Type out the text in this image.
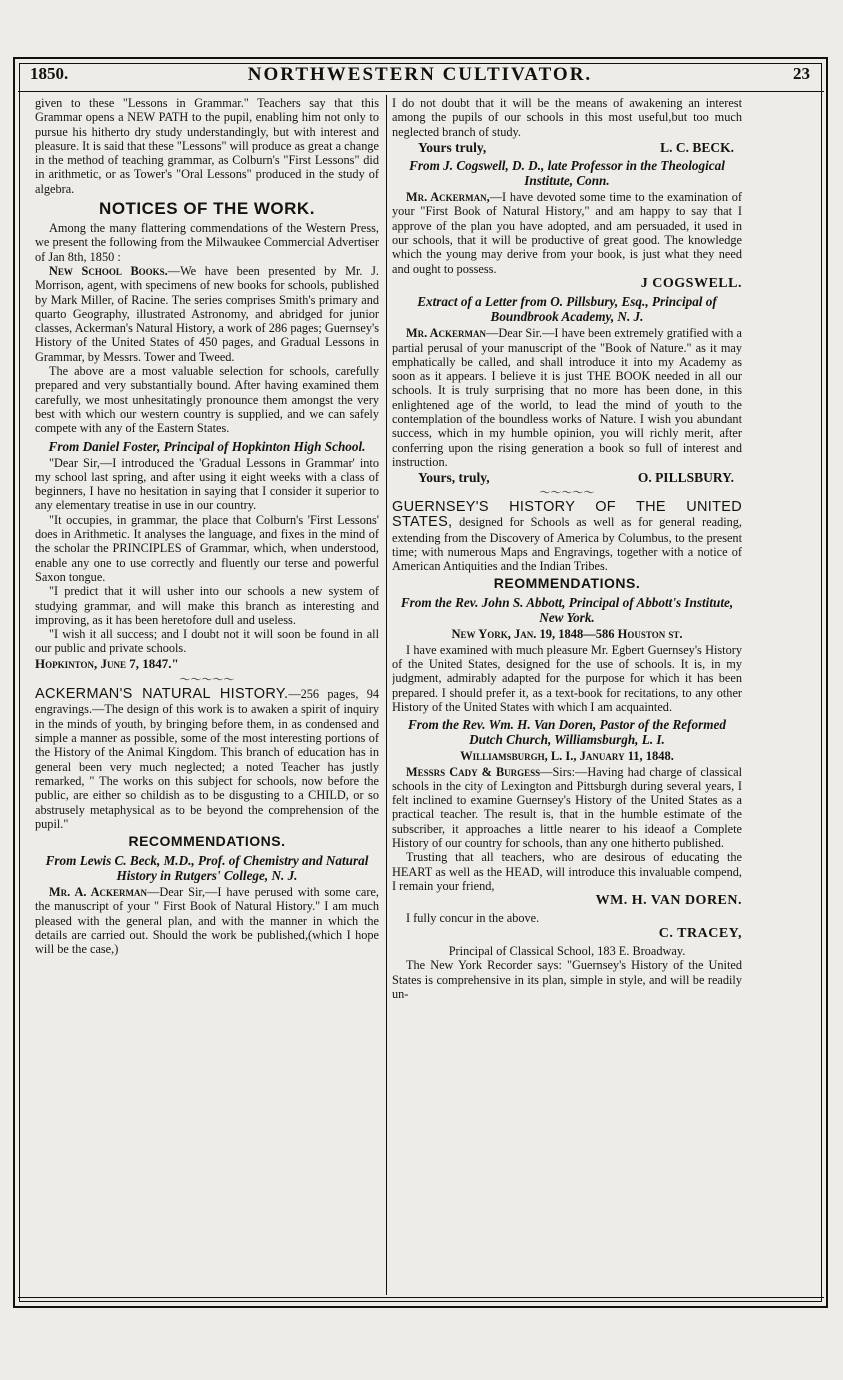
1850.	NORTHWESTERN CULTIVATOR.	23

given to these "Lessons in Grammar." Teachers say that this Grammar opens a NEW PATH to the pupil, enabling him not only to pursue his hitherto dry study understandingly, but with interest and pleasure. It is said that these "Lessons" will produce as great a change in the method of teaching grammar, as Colburn's "First Lessons" did in arithmetic, or as Tower's "Oral Lessons" produced in the study of algebra.

NOTICES OF THE WORK.

Among the many flattering commendations of the Western Press, we present the following from the Milwaukee Commercial Advertiser of Jan 8th, 1850 :

New School Books.—We have been presented by Mr. J. Morrison, agent, with specimens of new books for schools, published by Mark Miller, of Racine. The series comprises Smith's primary and quarto Geography, illustrated Astronomy, and abridged for junior classes, Ackerman's Natural History, a work of 286 pages; Guernsey's History of the United States of 450 pages, and Gradual Lessons in Grammar, by Messrs. Tower and Tweed.

The above are a most valuable selection for schools, carefully prepared and very substantially bound. After having examined them carefully, we most unhesitatingly pronounce them amongst the very best with which our western country is supplied, and we can safely compete with any of the Eastern States.

From Daniel Foster, Principal of Hopkinton High School.

"Dear Sir,—I introduced the 'Gradual Lessons in Grammar' into my school last spring, and after using it eight weeks with a class of beginners, I have no hesitation in saying that I consider it superior to any elementary treatise in use in our country.

"It occupies, in grammar, the place that Colburn's 'First Lessons' does in Arithmetic. It analyses the language, and fixes in the mind of the scholar the PRINCIPLES of Grammar, which, when understood, enable any one to use correctly and fluently our terse and powerful Saxon tongue.

"I predict that it will usher into our schools a new system of studying grammar, and will make this branch as interesting and improving, as it has been heretofore dull and useless.

"I wish it all success; and I doubt not it will soon be found in all our public and private schools.

Hopkinton, June 7, 1847."
～～～～～

ACKERMAN'S NATURAL HISTORY.—256 pages, 94 engravings.—The design of this work is to awaken a spirit of inquiry in the minds of youth, by bringing before them, in as condensed and simple a manner as possible, some of the most interesting portions of the History of the Animal Kingdom. This branch of education has in general been very much neglected; a noted Teacher has justly remarked, " The works on this subject for schools, now before the public, are either so childish as to be disgusting to a CHILD, or so abstrusely metaphysical as to be beyond the comprehension of the pupil."

RECOMMENDATIONS.
From Lewis C. Beck, M.D., Prof. of Chemistry and Natural History in Rutgers' College, N. J.

Mr. A. Ackerman—Dear Sir,—I have perused with some care, the manuscript of your " First Book of Natural History." I am much pleased with the general plan, and with the manner in which the details are carried out. Should the work be published,(which I hope will be the case,)

I do not doubt that it will be the means of awakening an interest among the pupils of our schools in this most useful,but too much neglected branch of study.

Yours truly,	L. C. BECK.
From J. Cogswell, D. D., late Professor in the Theological Institute, Conn.

Mr. Ackerman,—I have devoted some time to the examination of your "First Book of Natural History," and am happy to say that I approve of the plan you have adopted, and am persuaded, it used in our schools, that it will be productive of great good. The knowledge which the young may derive from your book, is just what they need and ought to possess.

J COGSWELL.
Extract of a Letter from O. Pillsbury, Esq., Principal of Boundbrook Academy, N. J.

Mr. Ackerman—Dear Sir.—I have been extremely gratified with a partial perusal of your manuscript of the "Book of Nature." as it may emphatically be called, and shall introduce it into my Academy as soon as it appears. I believe it is just THE BOOK needed in all our schools. It is truly surprising that no more has been done, in this enlightened age of the world, to lead the mind of youth to the contemplation of the boundless works of Nature. I wish you abundant success, which in my humble opinion, you will richly merit, after conferring upon the rising generation a book so full of interest and instruction.

Yours, truly,	O. PILLSBURY.
～～～～～

GUERNSEY'S HISTORY OF THE UNITED STATES, designed for Schools as well as for general reading, extending from the Discovery of America by Columbus, to the present time; with numerous Maps and Engravings, together with a notice of American Antiquities and the Indian Tribes.

REOMMENDATIONS.
From the Rev. John S. Abbott, Principal of Abbott's Institute, New York.
New York, Jan. 19, 1848—586 Houston st.

I have examined with much pleasure Mr. Egbert Guernsey's History of the United States, designed for the use of schools. It is, in my judgment, admirably adapted for the purpose for which it has been prepared. I should prefer it, as a text-book for recitations, to any other History of the United States with which I am acquainted.

From the Rev. Wm. H. Van Doren, Pastor of the Reformed Dutch Church, Williamsburgh, L. I.
Williamsburgh, L. I., January 11, 1848.

Messrs Cady & Burgess—Sirs:—Having had charge of classical schools in the city of Lexington and Pittsburgh during several years, I felt inclined to examine Guernsey's History of the United States as a practical teacher. The result is, that in the humble estimate of the subscriber, it approaches a little nearer to his ideaof a Complete History of our country for schools, than any one hitherto published.

Trusting that all teachers, who are desirous of educating the HEART as well as the HEAD, will introduce this invaluable compend, I remain your friend,

WM. H. VAN DOREN.

I fully concur in the above.

C. TRACEY,

Principal of Classical School, 183 E. Broadway.

The New York Recorder says: "Guernsey's History of the United States is comprehensive in its plan, simple in style, and will be readily un-
